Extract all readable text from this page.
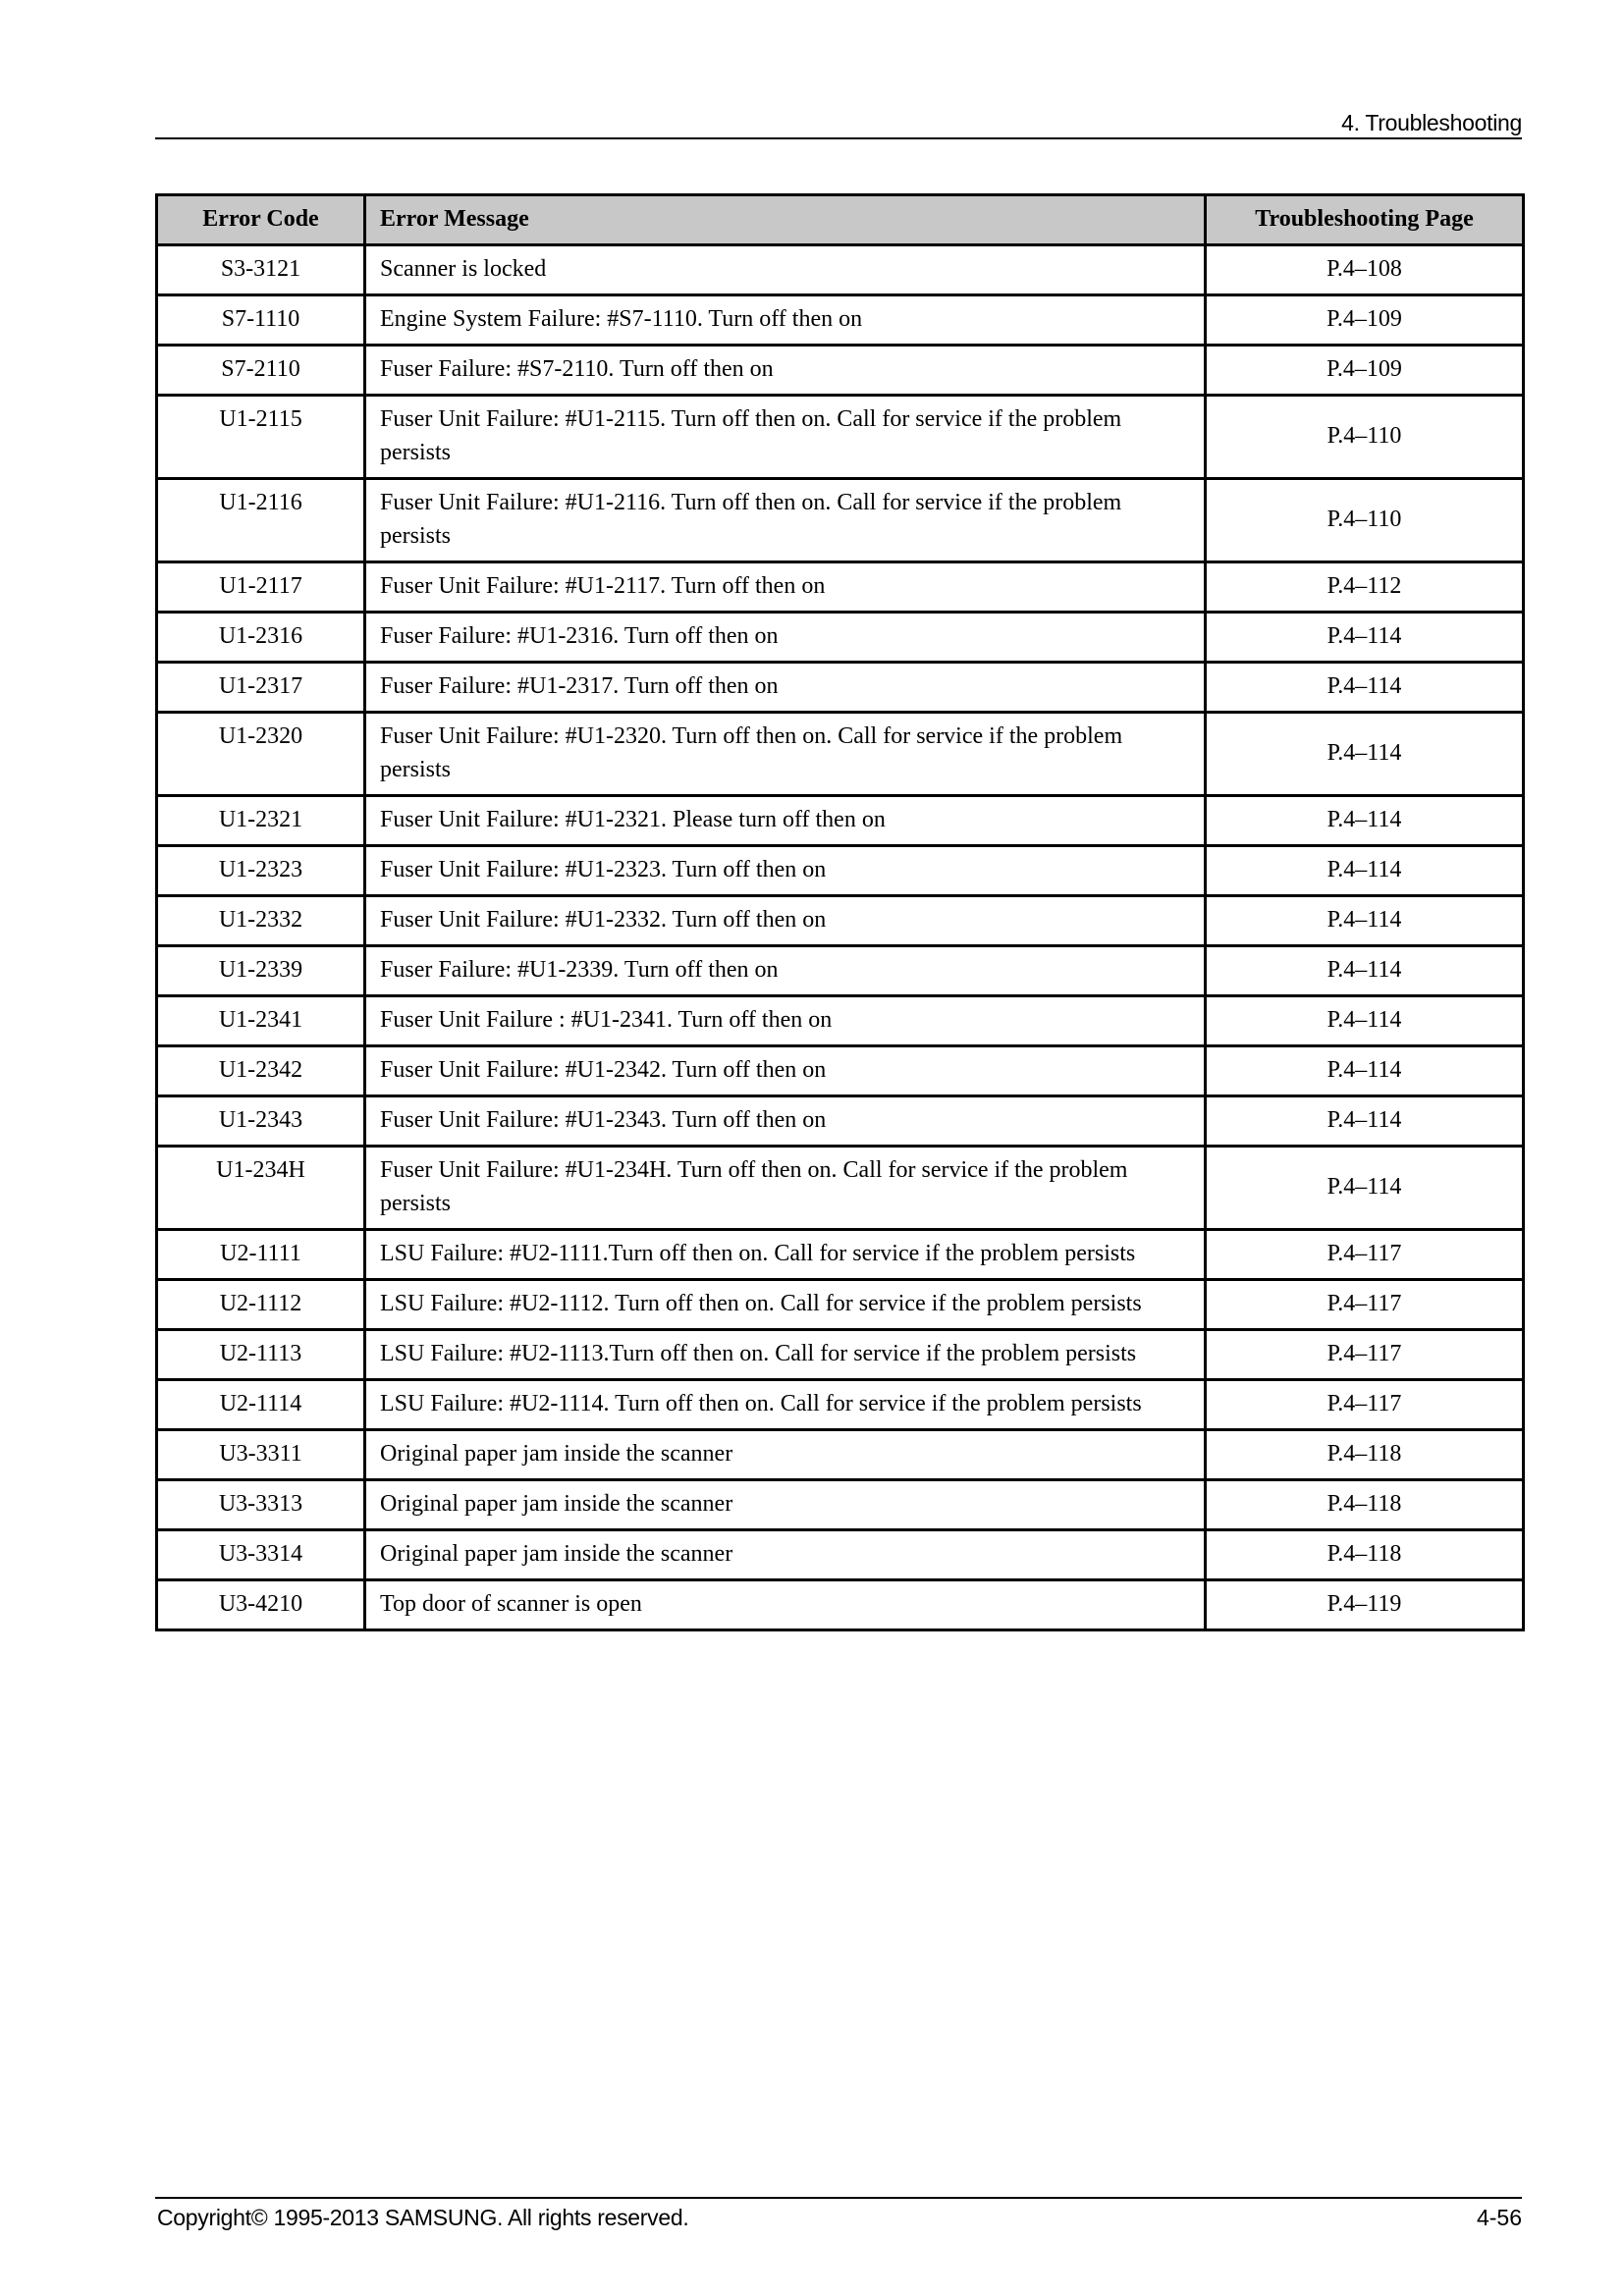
4. Troubleshooting
Error Code	Error Message	Troubleshooting Page
S3-3121	Scanner is locked	P.4–108
S7-1110	Engine System Failure: #S7-1110. Turn off then on	P.4–109
S7-2110	Fuser Failure: #S7-2110. Turn off then on	P.4–109
U1-2115	Fuser Unit Failure: #U1-2115. Turn off then on. Call for service if the problem persists	P.4–110
U1-2116	Fuser Unit Failure: #U1-2116. Turn off then on. Call for service if the problem persists	P.4–110
U1-2117	Fuser Unit Failure: #U1-2117. Turn off then on	P.4–112
U1-2316	Fuser Failure: #U1-2316. Turn off then on	P.4–114
U1-2317	Fuser Failure: #U1-2317. Turn off then on	P.4–114
U1-2320	Fuser Unit Failure: #U1-2320. Turn off then on. Call for service if the problem persists	P.4–114
U1-2321	Fuser Unit Failure: #U1-2321. Please turn off then on	P.4–114
U1-2323	Fuser Unit Failure: #U1-2323. Turn off then on	P.4–114
U1-2332	Fuser Unit Failure: #U1-2332. Turn off then on	P.4–114
U1-2339	Fuser Failure: #U1-2339. Turn off then on	P.4–114
U1-2341	Fuser Unit Failure : #U1-2341. Turn off then on	P.4–114
U1-2342	Fuser Unit Failure: #U1-2342. Turn off then on	P.4–114
U1-2343	Fuser Unit Failure: #U1-2343. Turn off then on	P.4–114
U1-234H	Fuser Unit Failure: #U1-234H. Turn off then on. Call for service if the problem persists	P.4–114
U2-1111	LSU Failure: #U2-1111.Turn off then on. Call for service if the problem persists	P.4–117
U2-1112	LSU Failure: #U2-1112. Turn off then on. Call for service if the problem persists	P.4–117
U2-1113	LSU Failure: #U2-1113.Turn off then on. Call for service if the problem persists	P.4–117
U2-1114	LSU Failure: #U2-1114. Turn off then on. Call for service if the problem persists	P.4–117
U3-3311	Original paper jam inside the scanner	P.4–118
U3-3313	Original paper jam inside the scanner	P.4–118
U3-3314	Original paper jam inside the scanner	P.4–118
U3-4210	Top door of scanner is open	P.4–119
Copyright© 1995-2013 SAMSUNG. All rights reserved.	4-56
